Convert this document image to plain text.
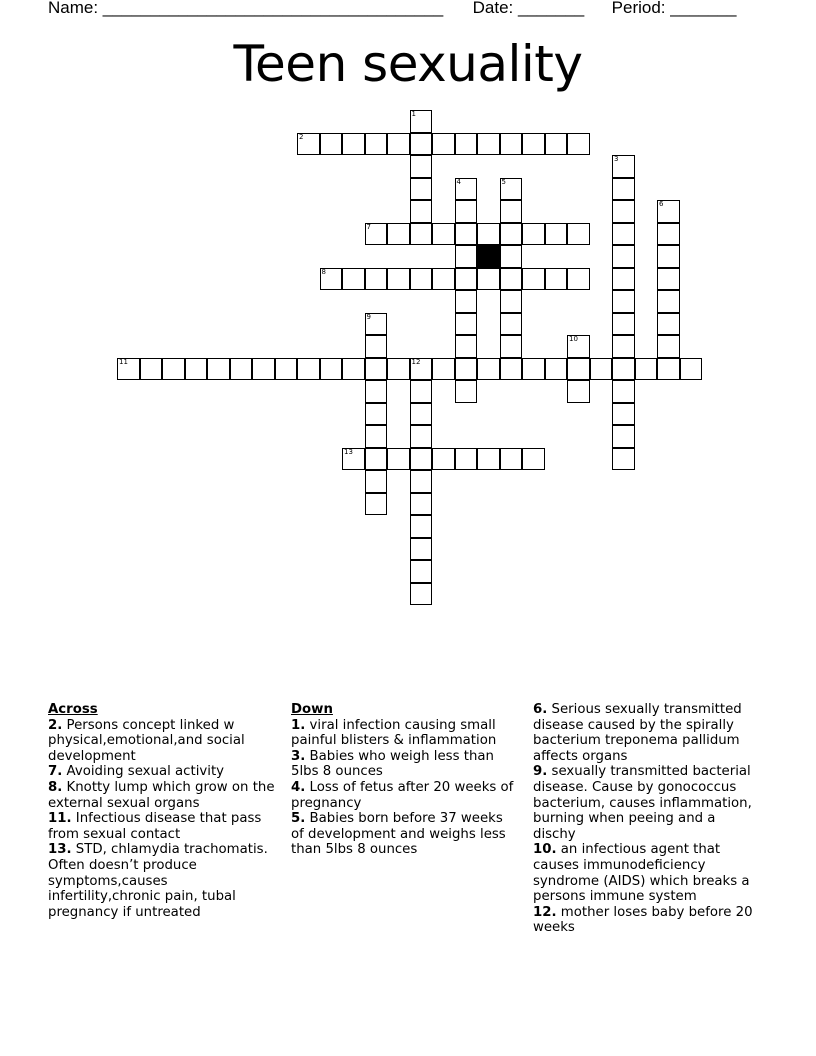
Name: ____________________________________ Date: _______ Period: _______
Teen sexuality
1
2
3
4	5
6
7
8
9
10
11	12
13
Across
2. Persons concept linked w physical,emotional,and social development
7. Avoiding sexual activity
8. Knotty lump which grow on the external sexual organs
11. Infectious disease that pass from sexual contact
13. STD, chlamydia trachomatis. Often doesn’t produce symptoms,causes infertility,chronic pain, tubal pregnancy if untreated
Down
1. viral infection causing small painful blisters & inflammation
3. Babies who weigh less than 5lbs 8 ounces
4. Loss of fetus after 20 weeks of pregnancy
5. Babies born before 37 weeks of development and weighs less than 5lbs 8 ounces
6. Serious sexually transmitted disease caused by the spirally bacterium treponema pallidum affects organs
9. sexually transmitted bacterial disease. Cause by gonococcus bacterium, causes inflammation, burning when peeing and a dischy
10. an infectious agent that causes immunodeficiency syndrome (AIDS) which breaks a persons immune system
12. mother loses baby before 20 weeks
